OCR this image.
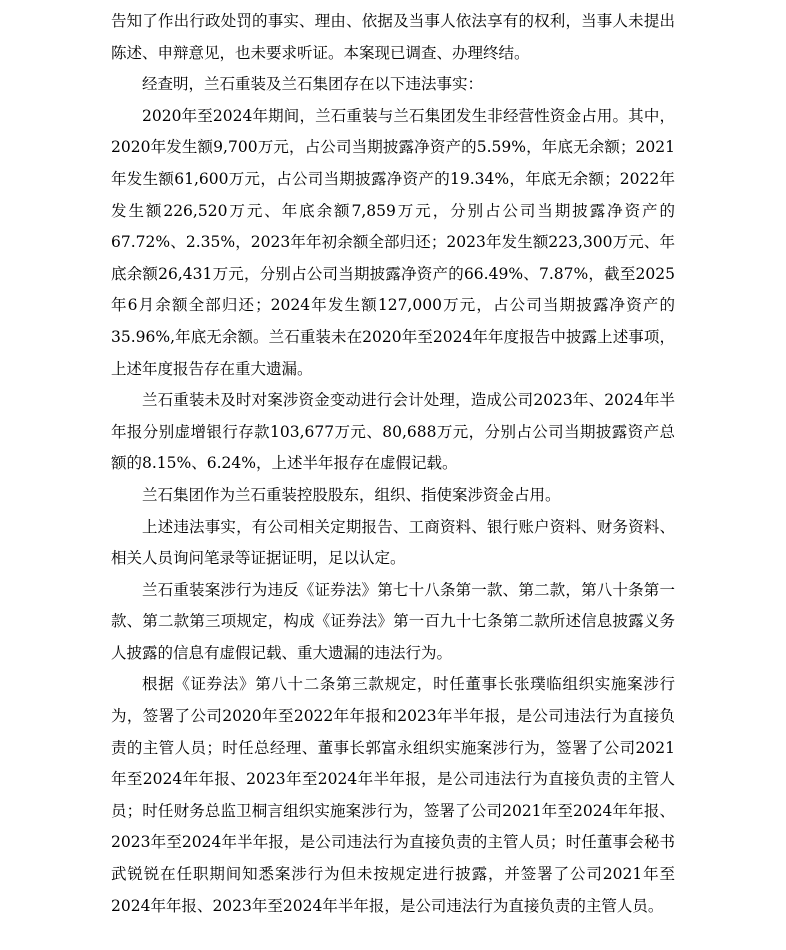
告知了作出行政处罚的事实、理由、依据及当事人依法享有的权利，当事人未提出陈述、申辩意见，也未要求听证。本案现已调查、办理终结。

经查明，兰石重装及兰石集团存在以下违法事实：

2020年至2024年期间，兰石重装与兰石集团发生非经营性资金占用。其中，2020年发生额9,700万元，占公司当期披露净资产的5.59%，年底无余额；2021年发生额61,600万元，占公司当期披露净资产的19.34%，年底无余额；2022年发生额226,520万元、年底余额7,859万元，分别占公司当期披露净资产的67.72%、2.35%，2023年年初余额全部归还；2023年发生额223,300万元、年底余额26,431万元，分别占公司当期披露净资产的66.49%、7.87%，截至2025年6月余额全部归还；2024年发生额127,000万元，占公司当期披露净资产的35.96%,年底无余额。兰石重装未在2020年至2024年年度报告中披露上述事项，上述年度报告存在重大遗漏。

兰石重装未及时对案涉资金变动进行会计处理，造成公司2023年、2024年半年报分别虚增银行存款103,677万元、80,688万元，分别占公司当期披露资产总额的8.15%、6.24%，上述半年报存在虚假记载。

兰石集团作为兰石重装控股股东，组织、指使案涉资金占用。

上述违法事实，有公司相关定期报告、工商资料、银行账户资料、财务资料、相关人员询问笔录等证据证明，足以认定。

兰石重装案涉行为违反《证券法》第七十八条第一款、第二款，第八十条第一款、第二款第三项规定，构成《证券法》第一百九十七条第二款所述信息披露义务人披露的信息有虚假记载、重大遗漏的违法行为。

根据《证券法》第八十二条第三款规定，时任董事长张璞临组织实施案涉行为，签署了公司2020年至2022年年报和2023年半年报，是公司违法行为直接负责的主管人员；时任总经理、董事长郭富永组织实施案涉行为，签署了公司2021年至2024年年报、2023年至2024年半年报，是公司违法行为直接负责的主管人员；时任财务总监卫桐言组织实施案涉行为，签署了公司2021年至2024年年报、2023年至2024年半年报，是公司违法行为直接负责的主管人员；时任董事会秘书武锐锐在任职期间知悉案涉行为但未按规定进行披露，并签署了公司2021年至2024年年报、2023年至2024年半年报，是公司违法行为直接负责的主管人员。
